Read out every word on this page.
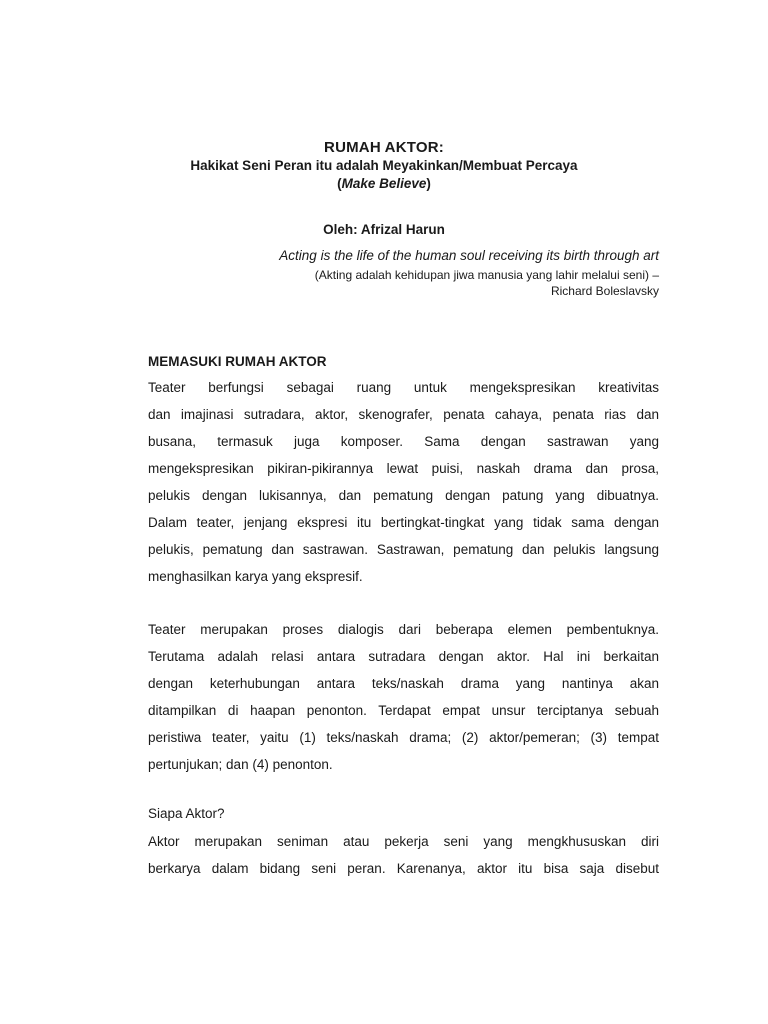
RUMAH AKTOR:

Hakikat Seni Peran itu adalah Meyakinkan/Membuat Percaya

(Make Believe)

Oleh: Afrizal Harun

Acting is the life of the human soul receiving its birth through art

(Akting adalah kehidupan jiwa manusia yang lahir melalui seni) –

Richard Boleslavsky

MEMASUKI RUMAH AKTOR

Teater berfungsi sebagai ruang untuk mengekspresikan kreativitas
dan imajinasi sutradara, aktor, skenografer, penata cahaya, penata rias dan
busana, termasuk juga komposer. Sama dengan sastrawan yang
mengekspresikan pikiran-pikirannya lewat puisi, naskah drama dan prosa,
pelukis dengan lukisannya, dan pematung dengan patung yang dibuatnya.
Dalam teater, jenjang ekspresi itu bertingkat-tingkat yang tidak sama dengan
pelukis, pematung dan sastrawan. Sastrawan, pematung dan pelukis langsung
menghasilkan karya yang ekspresif.
Teater merupakan proses dialogis dari beberapa elemen pembentuknya.
Terutama adalah relasi antara sutradara dengan aktor. Hal ini berkaitan
dengan keterhubungan antara teks/naskah drama yang nantinya akan
ditampilkan di haapan penonton. Terdapat empat unsur terciptanya sebuah
peristiwa teater, yaitu (1) teks/naskah drama; (2) aktor/pemeran; (3) tempat
pertunjukan; dan (4) penonton.

Siapa Aktor?

Aktor merupakan seniman atau pekerja seni yang mengkhususkan diri
berkarya dalam bidang seni peran. Karenanya, aktor itu bisa saja disebut
